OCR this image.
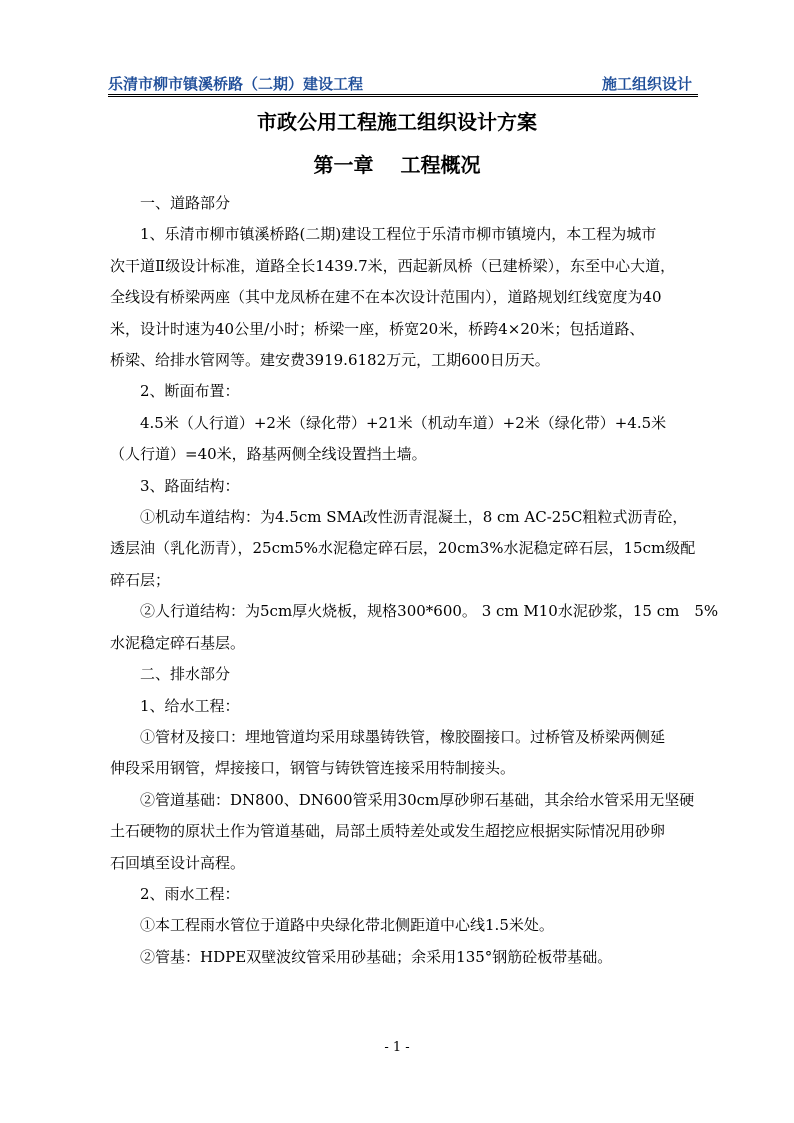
乐清市柳市镇溪桥路（二期）建设工程	施工组织设计
市政公用工程施工组织设计方案
第一章　 工程概况

一、道路部分

1、乐清市柳市镇溪桥路(二期)建设工程位于乐清市柳市镇境内，本工程为城市

次干道Ⅱ级设计标准，道路全长1439.7米，西起新凤桥（已建桥梁），东至中心大道，

全线设有桥梁两座（其中龙凤桥在建不在本次设计范围内），道路规划红线宽度为40

米，设计时速为40公里/小时；桥梁一座，桥宽20米，桥跨4×20米；包括道路、

桥梁、给排水管网等。建安费3919.6182万元，工期600日历天。

2、断面布置：

4.5米（人行道）+2米（绿化带）+21米（机动车道）+2米（绿化带）+4.5米

（人行道）=40米，路基两侧全线设置挡土墙。

3、路面结构：

①机动车道结构：为4.5cm SMA改性沥青混凝土，8 cm AC-25C粗粒式沥青砼，

透层油（乳化沥青），25cm5%水泥稳定碎石层，20cm3%水泥稳定碎石层，15cm级配

碎石层；

②人行道结构：为5cm厚火烧板，规格300*600。 3 cm M10水泥砂浆，15 cm　5%

水泥稳定碎石基层。

二、排水部分

1、给水工程：

①管材及接口：埋地管道均采用球墨铸铁管，橡胶圈接口。过桥管及桥梁两侧延

伸段采用钢管，焊接接口，钢管与铸铁管连接采用特制接头。

②管道基础：DN800、DN600管采用30cm厚砂卵石基础，其余给水管采用无坚硬

土石硬物的原状土作为管道基础，局部土质特差处或发生超挖应根据实际情况用砂卵

石回填至设计高程。

2、雨水工程：

①本工程雨水管位于道路中央绿化带北侧距道中心线1.5米处。

②管基：HDPE双壁波纹管采用砂基础；余采用135°钢筋砼板带基础。

- 1 -
